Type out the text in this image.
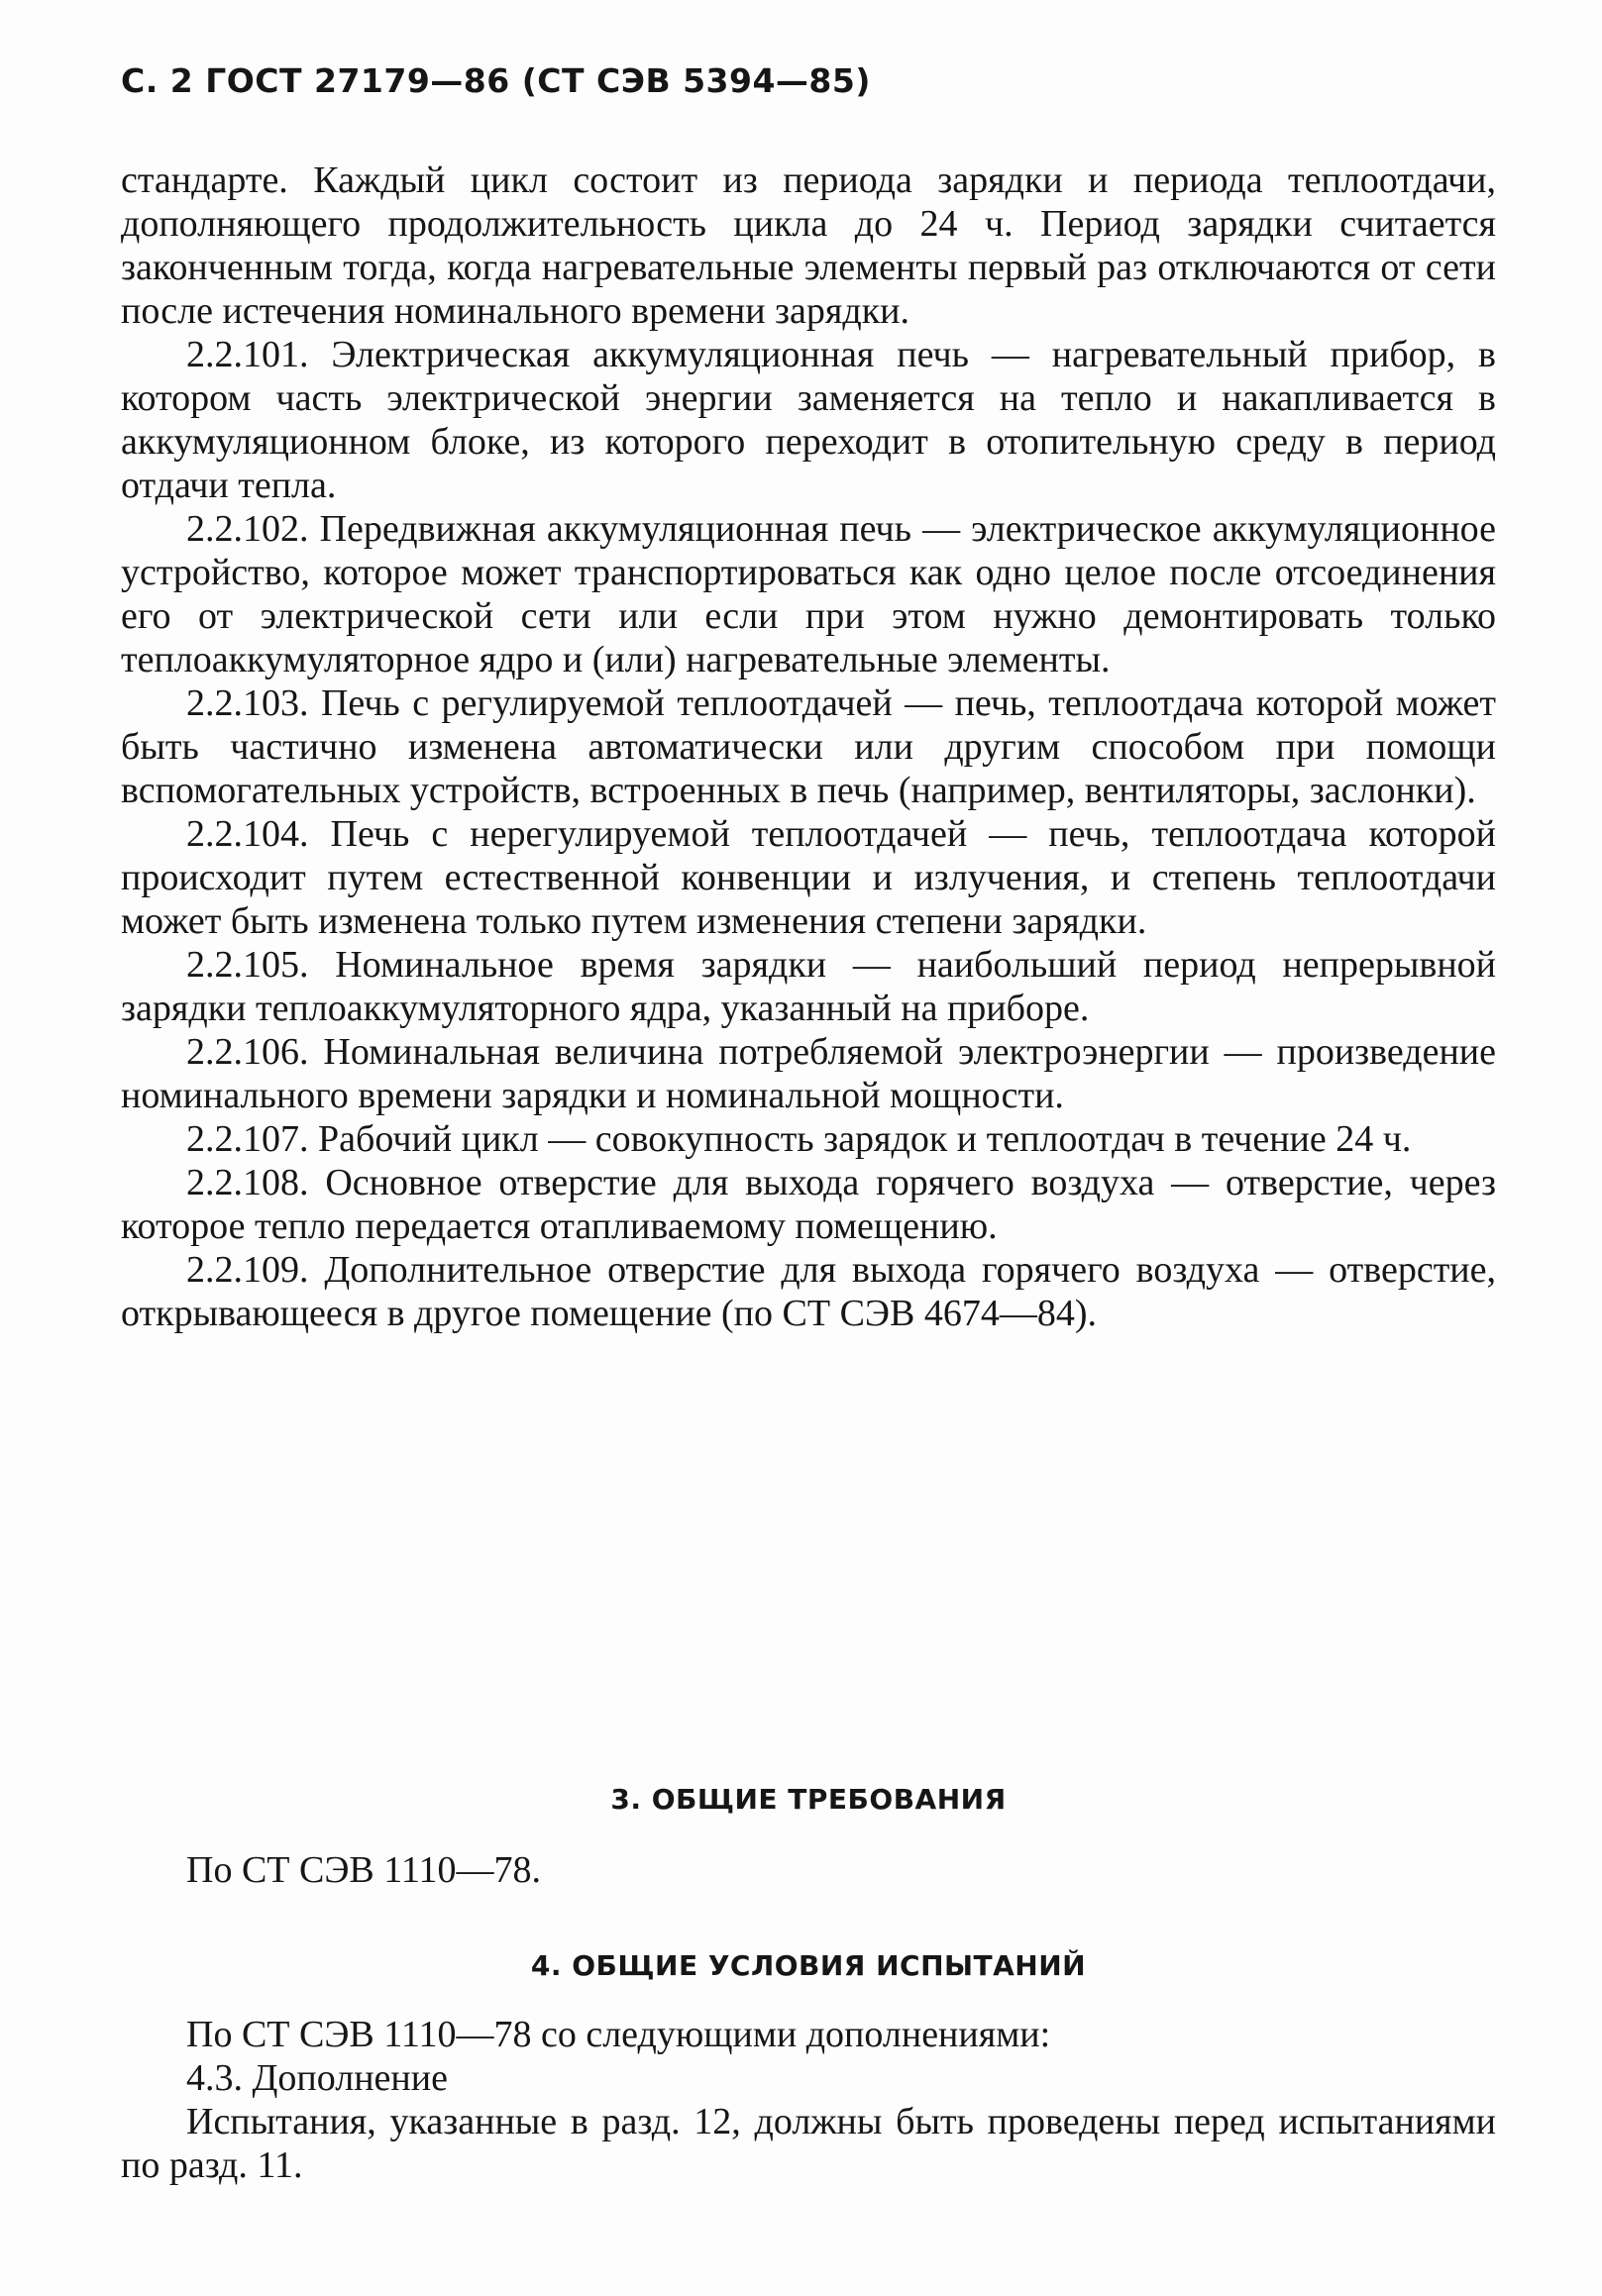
С. 2 ГОСТ 27179—86 (СТ СЭВ 5394—85)

стандарте. Каждый цикл состоит из периода зарядки и периода теплоотдачи, дополняющего продолжительность цикла до 24 ч. Период зарядки считается законченным тогда, когда нагревательные элементы первый раз отключаются от сети после истечения номинального времени зарядки.

2.2.101. Электрическая аккумуляционная печь — нагревательный прибор, в котором часть электрической энергии заменяется на тепло и накапливается в аккумуляционном блоке, из которого переходит в отопительную среду в период отдачи тепла.

2.2.102. Передвижная аккумуляционная печь — электрическое аккумуляционное устройство, которое может транспортироваться как одно целое после отсоединения его от электрической сети или если при этом нужно демонтировать только теплоаккумуляторное ядро и (или) нагревательные элементы.

2.2.103. Печь с регулируемой теплоотдачей — печь, теплоотдача которой может быть частично изменена автоматически или другим способом при помощи вспомогательных устройств, встроенных в печь (например, вентиляторы, заслонки).

2.2.104. Печь с нерегулируемой теплоотдачей — печь, теплоотдача которой происходит путем естественной конвенции и излучения, и степень теплоотдачи может быть изменена только путем изменения степени зарядки.

2.2.105. Номинальное время зарядки — наибольший период непрерывной зарядки теплоаккумуляторного ядра, указанный на приборе.

2.2.106. Номинальная величина потребляемой электроэнергии — произведение номинального времени зарядки и номинальной мощности.

2.2.107. Рабочий цикл — совокупность зарядок и теплоотдач в течение 24 ч.

2.2.108. Основное отверстие для выхода горячего воздуха — отверстие, через которое тепло передается отапливаемому помещению.

2.2.109. Дополнительное отверстие для выхода горячего воздуха — отверстие, открывающееся в другое помещение (по СТ СЭВ 4674—84).

3. ОБЩИЕ ТРЕБОВАНИЯ

По СТ СЭВ 1110—78.

4. ОБЩИЕ УСЛОВИЯ ИСПЫТАНИЙ

По СТ СЭВ 1110—78 со следующими дополнениями:

4.3. Дополнение

Испытания, указанные в разд. 12, должны быть проведены перед испытаниями по разд. 11.
